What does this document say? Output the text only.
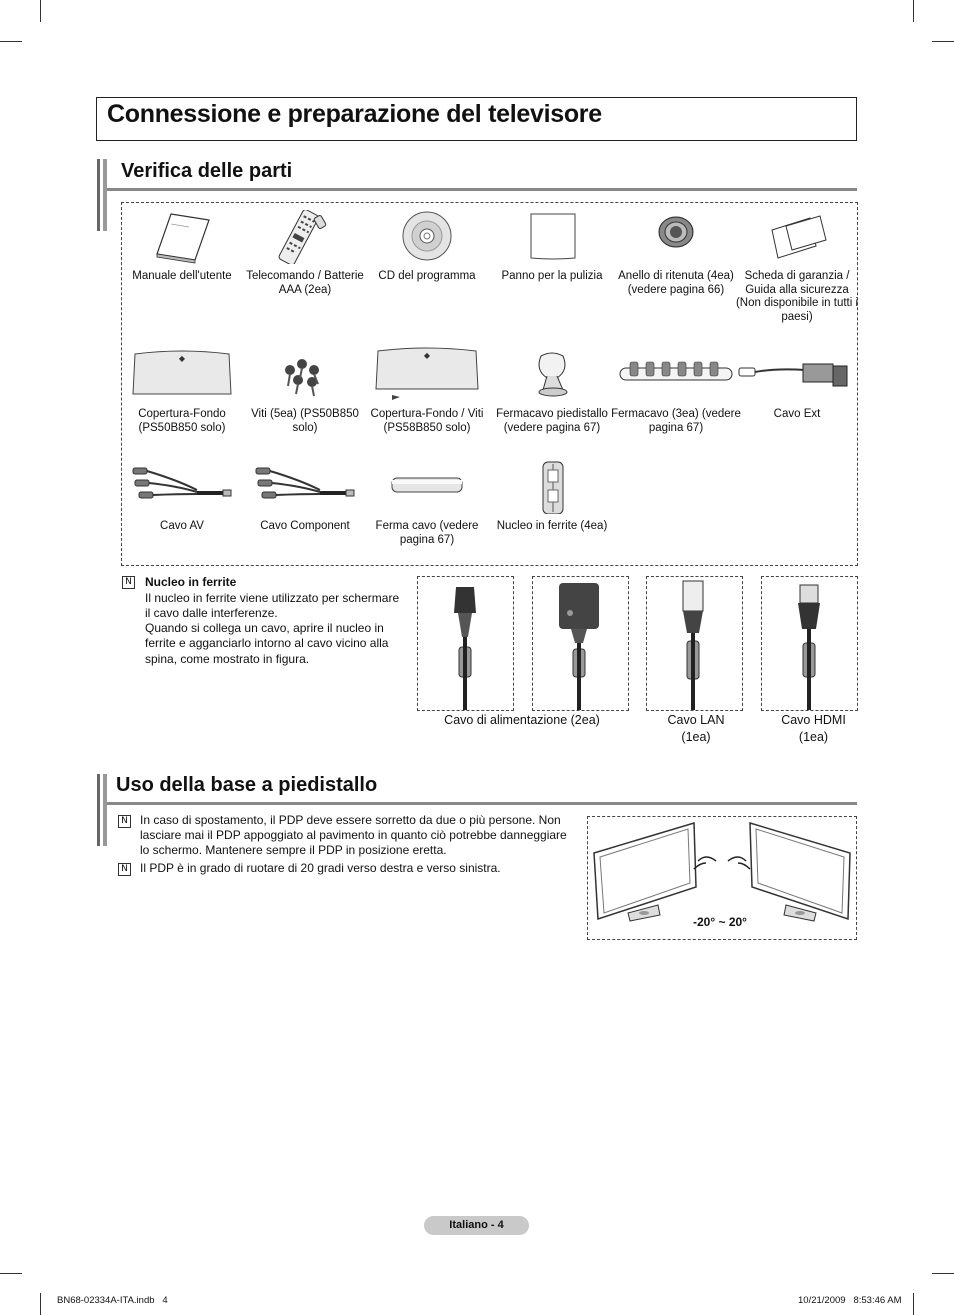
Connessione e preparazione del televisore
Verifica delle parti
Manuale dell'utente	Telecomando / Batterie AAA (2ea)
CD del programma	Panno per la pulizia	Anello di ritenuta (4ea) (vedere pagina 66)
Scheda di garanzia / Guida alla sicurezza (Non disponibile in tutti i paesi)
◆
Copertura-Fondo (PS50B850 solo)
Viti (5ea) (PS50B850 solo)
◆
Copertura-Fondo / Viti (PS58B850 solo)
Fermacavo piedistallo (vedere pagina 67)
Fermacavo (3ea) (vedere pagina 67)
Cavo Ext
Cavo AV	Cavo Component	Ferma cavo (vedere pagina 67)
Nucleo in ferrite (4ea)
N Nucleo in ferrite
Il nucleo in ferrite viene utilizzato per schermare
il cavo dalle interferenze.
Quando si collega un cavo, aprire il nucleo in
ferrite e agganciarlo intorno al cavo vicino alla
spina, come mostrato in figura.
Cavo di alimentazione (2ea)	Cavo LAN
(1ea)
Cavo HDMI
(1ea)
Uso della base a piedistallo
N In caso di spostamento, il PDP deve essere sorretto da due o più persone. Non
lasciare mai il PDP appoggiato al pavimento in quanto ciò potrebbe danneggiare
lo schermo. Mantenere sempre il PDP in posizione eretta.
N Il PDP è in grado di ruotare di 20 gradi verso destra e verso sinistra.
-20° ~ 20°
Italiano - 4
BN68-02334A-ITA.indb   4	10/21/2009   8:53:46 AM
